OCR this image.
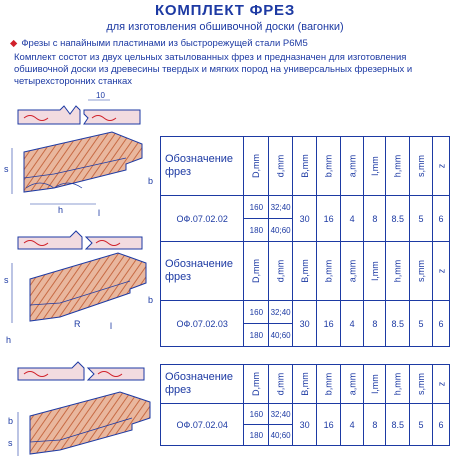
КОМПЛЕКТ ФРЕЗ
для изготовления обшивочной доски (вагонки)
◆ Фрезы с напайными пластинами из быстрорежущей стали Р6М5
Комплект состот из двух цельных затылованных фрез и предназначен для изготовления обшивочной доски из древесины твердых и мягких пород на универсальных фрезерных и четырехсторонних станках
10
s
h	l
b
Обозначение фрез	D,mm	d,mm	B,mm	b,mm	a,mm	l,mm	h,mm	s,mm	z
ОФ.07.02.02	160	32;40	30	16	4	8	8.5	5	6
	180	40;60							
s
R	l
h
b
Обозначение фрез	D,mm	d,mm	B,mm	b,mm	a,mm	l,mm	h,mm	s,mm	z
ОФ.07.02.03	160	32;40	30	16	4	8	8.5	5	6
	180	40;60							
b
s
Обозначение фрез	D,mm	d,mm	B,mm	b,mm	a,mm	l,mm	h,mm	s,mm	z
ОФ.07.02.04	160	32;40	30	16	4	8	8.5	5	6
	180	40;60							
